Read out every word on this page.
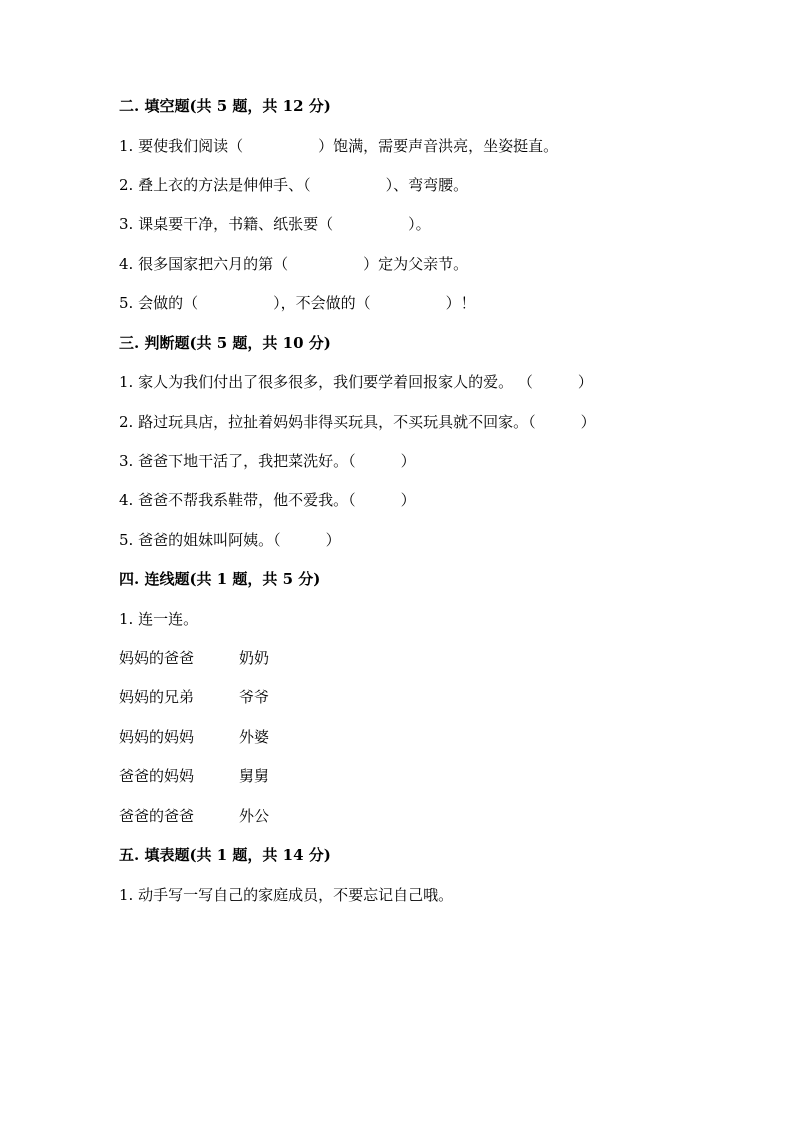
二. 填空题(共 5 题，共 12 分)
1. 要使我们阅读（　　　　　）饱满，需要声音洪亮，坐姿挺直。
2. 叠上衣的方法是伸伸手、（　　　　　）、弯弯腰。
3. 课桌要干净，书籍、纸张要（　　　　　）。
4. 很多国家把六月的第（　　　　　）定为父亲节。
5. 会做的（　　　　　），不会做的（　　　　　）！
三. 判断题(共 5 题，共 10 分)
1. 家人为我们付出了很多很多，我们要学着回报家人的爱。 （　　　）
2. 路过玩具店，拉扯着妈妈非得买玩具，不买玩具就不回家。（　　　）
3. 爸爸下地干活了，我把菜洗好。（　　　）
4. 爸爸不帮我系鞋带，他不爱我。（　　　）
5. 爸爸的姐妹叫阿姨。（　　　）
四. 连线题(共 1 题，共 5 分)
1. 连一连。
妈妈的爸爸	奶奶
妈妈的兄弟	爷爷
妈妈的妈妈	外婆
爸爸的妈妈	舅舅
爸爸的爸爸	外公
五. 填表题(共 1 题，共 14 分)
1. 动手写一写自己的家庭成员，不要忘记自己哦。
